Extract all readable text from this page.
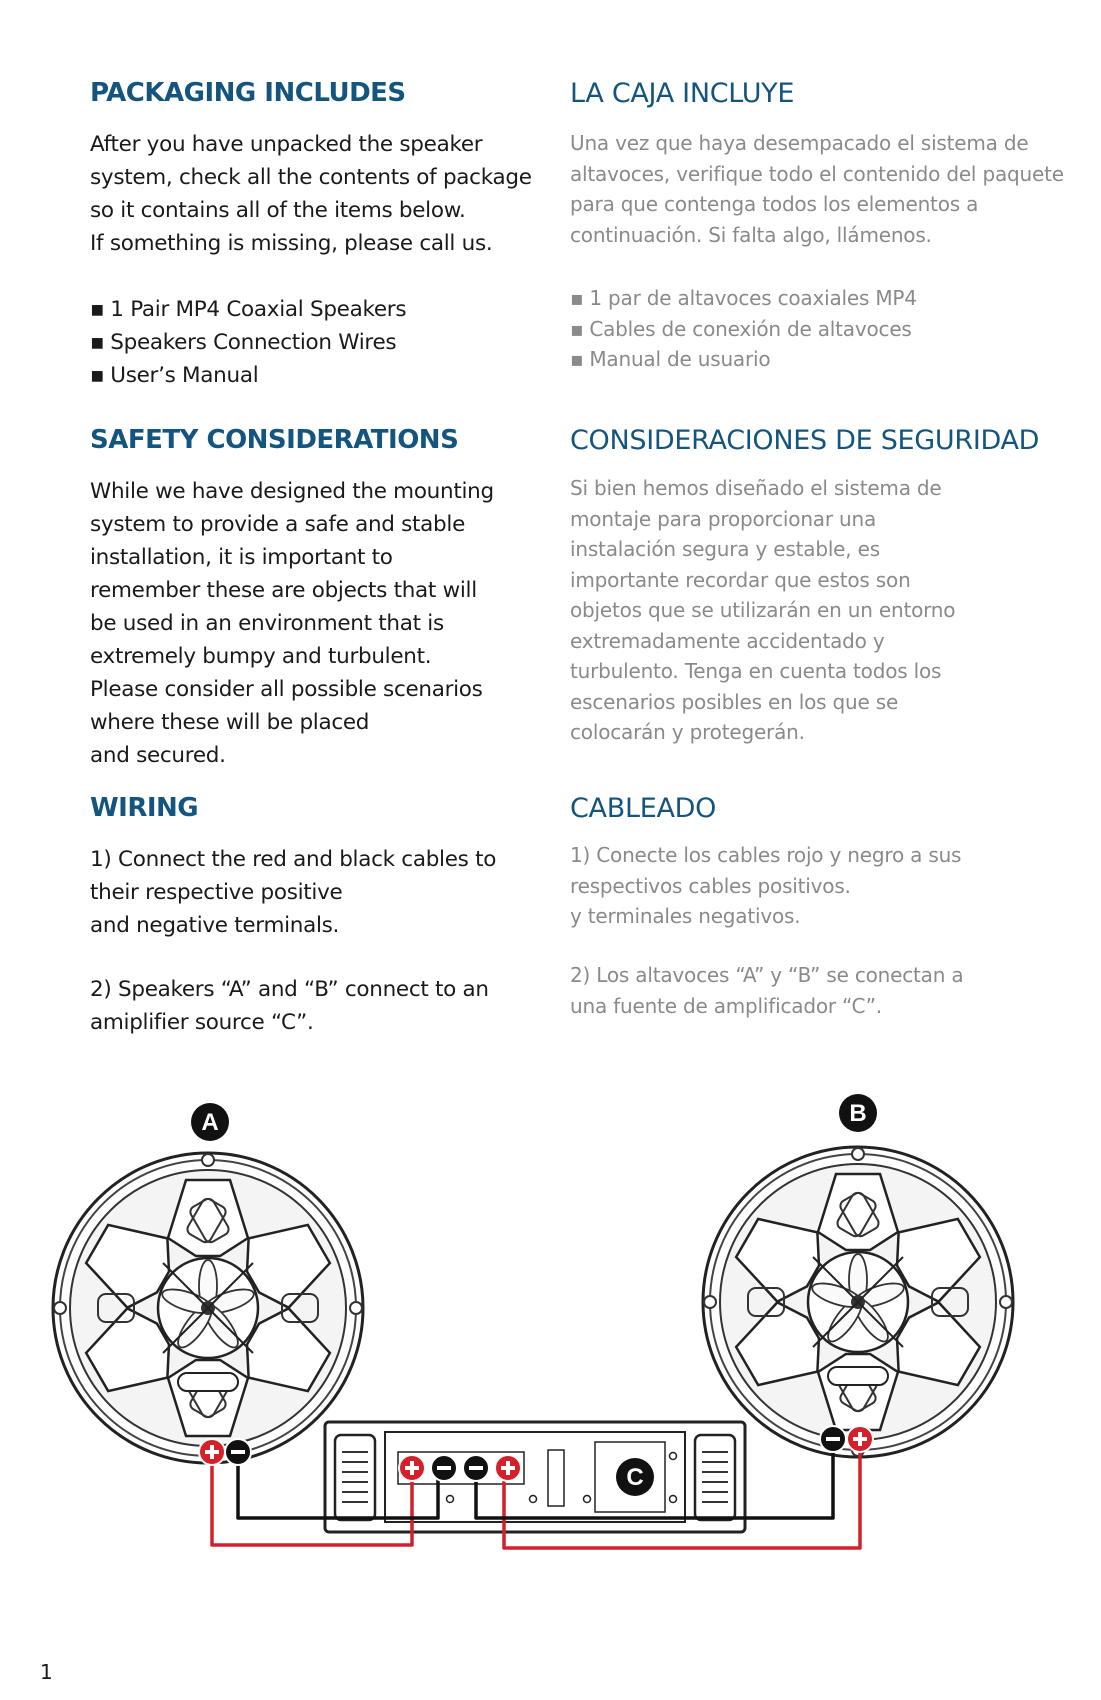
PACKAGING INCLUDES

After you have unpacked the speaker
system, check all the contents of package
so it contains all of the items below.
If something is missing, please call us.

▪ 1 Pair MP4 Coaxial Speakers
▪ Speakers Connection Wires
▪ User’s Manual
SAFETY CONSIDERATIONS

While we have designed the mounting
system to provide a safe and stable
installation, it is important to
remember these are objects that will
be used in an environment that is
extremely bumpy and turbulent.
Please consider all possible scenarios
where these will be placed
and secured.

WIRING

1) Connect the red and black cables to
their respective positive
and negative terminals.

2) Speakers “A” and “B” connect to an
amiplifier source “C”.

LA CAJA INCLUYE

Una vez que haya desempacado el sistema de
altavoces, verifique todo el contenido del paquete
para que contenga todos los elementos a
continuación. Si falta algo, llámenos.

▪ 1 par de altavoces coaxiales MP4
▪ Cables de conexión de altavoces
▪ Manual de usuario
CONSIDERACIONES DE SEGURIDAD

Si bien hemos diseñado el sistema de
montaje para proporcionar una
instalación segura y estable, es
importante recordar que estos son
objetos que se utilizarán en un entorno
extremadamente accidentado y
turbulento. Tenga en cuenta todos los
escenarios posibles en los que se
colocarán y protegerán.

CABLEADO

1) Conecte los cables rojo y negro a sus
respectivos cables positivos.
y terminales negativos.

2) Los altavoces “A” y “B” se conectan a
una fuente de amplificador “C”.

A	B
C
1
